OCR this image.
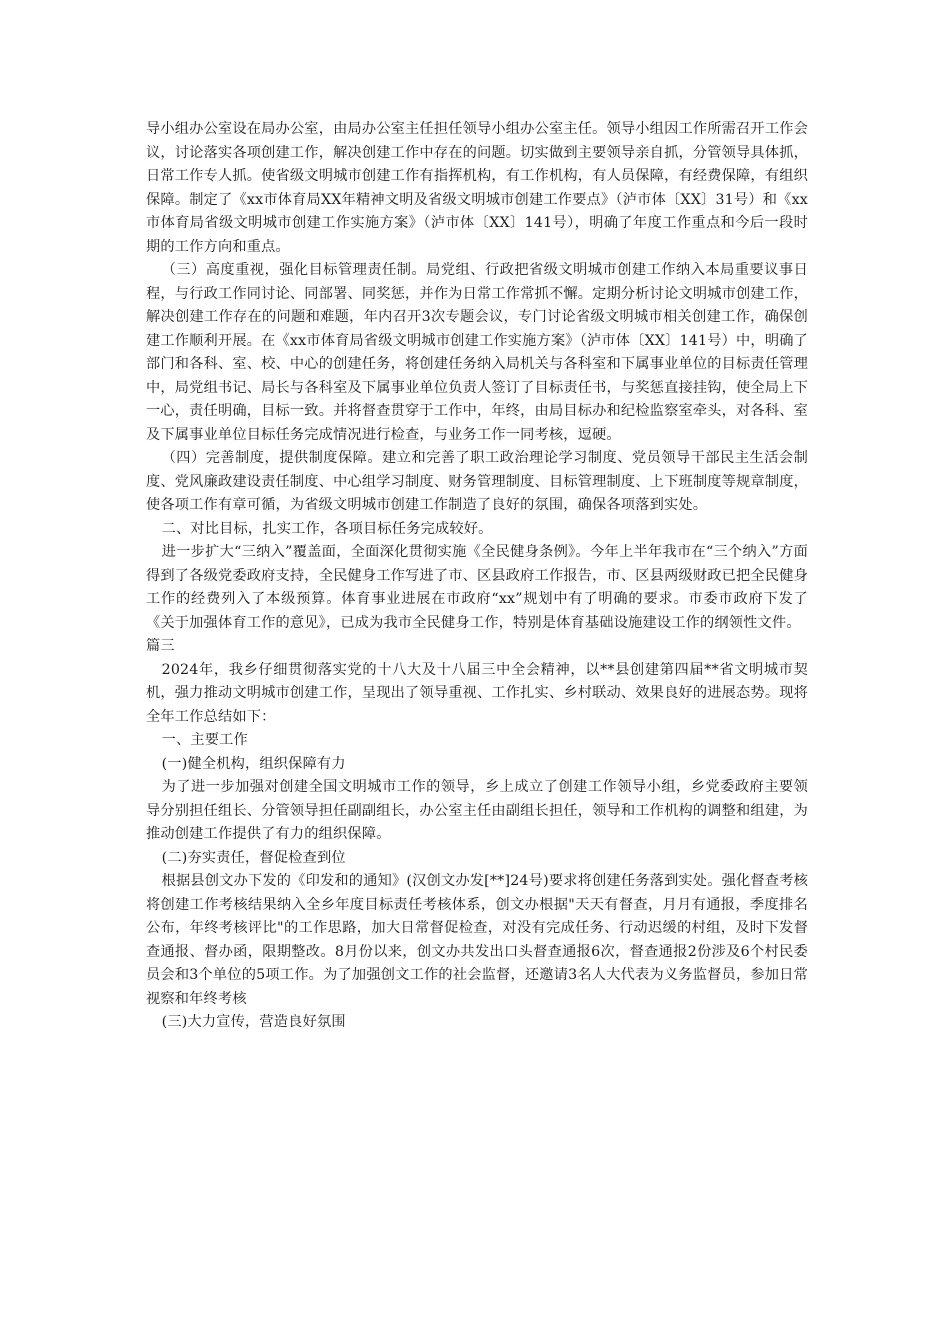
导小组办公室设在局办公室，由局办公室主任担任领导小组办公室主任。领导小组因工作所需召开工作会议，讨论落实各项创建工作，解决创建工作中存在的问题。切实做到主要领导亲自抓，分管领导具体抓，日常工作专人抓。使省级文明城市创建工作有指挥机构，有工作机构，有人员保障，有经费保障，有组织保障。制定了《xx市体育局XX年精神文明及省级文明城市创建工作要点》（泸市体〔XX〕31号）和《xx市体育局省级文明城市创建工作实施方案》（泸市体〔XX〕141号），明确了年度工作重点和今后一段时期的工作方向和重点。

（三）高度重视，强化目标管理责任制。局党组、行政把省级文明城市创建工作纳入本局重要议事日程，与行政工作同讨论、同部署、同奖惩，并作为日常工作常抓不懈。定期分析讨论文明城市创建工作，解决创建工作存在的问题和难题，年内召开3次专题会议，专门讨论省级文明城市相关创建工作，确保创建工作顺利开展。在《xx市体育局省级文明城市创建工作实施方案》（泸市体〔XX〕141号）中，明确了部门和各科、室、校、中心的创建任务，将创建任务纳入局机关与各科室和下属事业单位的目标责任管理中，局党组书记、局长与各科室及下属事业单位负责人签订了目标责任书，与奖惩直接挂钩，使全局上下一心，责任明确，目标一致。并将督查贯穿于工作中，年终，由局目标办和纪检监察室牵头，对各科、室及下属事业单位目标任务完成情况进行检查，与业务工作一同考核，逗硬。

（四）完善制度，提供制度保障。建立和完善了职工政治理论学习制度、党员领导干部民主生活会制度、党风廉政建设责任制度、中心组学习制度、财务管理制度、目标管理制度、上下班制度等规章制度，使各项工作有章可循，为省级文明城市创建工作制造了良好的氛围，确保各项落到实处。

二、对比目标，扎实工作，各项目标任务完成较好。

进一步扩大“三纳入”覆盖面，全面深化贯彻实施《全民健身条例》。今年上半年我市在“三个纳入”方面得到了各级党委政府支持，全民健身工作写进了市、区县政府工作报告，市、区县两级财政已把全民健身工作的经费列入了本级预算。体育事业进展在市政府“xx”规划中有了明确的要求。市委市政府下发了《关于加强体育工作的意见》，已成为我市全民健身工作，特别是体育基础设施建设工作的纲领性文件。

篇三

2024年，我乡仔细贯彻落实党的十八大及十八届三中全会精神，以**县创建第四届**省文明城市契机，强力推动文明城市创建工作，呈现出了领导重视、工作扎实、乡村联动、效果良好的进展态势。现将全年工作总结如下：

一、主要工作

(一)健全机构，组织保障有力

为了进一步加强对创建全国文明城市工作的领导，乡上成立了创建工作领导小组，乡党委政府主要领导分别担任组长、分管领导担任副副组长，办公室主任由副组长担任，领导和工作机构的调整和组建，为推动创建工作提供了有力的组织保障。

(二)夯实责任，督促检查到位

根据县创文办下发的《印发和的通知》(汉创文办发[**]24号)要求将创建任务落到实处。强化督查考核将创建工作考核结果纳入全乡年度目标责任考核体系，创文办根据"天天有督查，月月有通报，季度排名公布，年终考核评比"的工作思路，加大日常督促检查，对没有完成任务、行动迟缓的村组，及时下发督查通报、督办函，限期整改。8月份以来，创文办共发出口头督查通报6次，督查通报2份涉及6个村民委员会和3个单位的5项工作。为了加强创文工作的社会监督，还邀请3名人大代表为义务监督员，参加日常视察和年终考核

(三)大力宣传，营造良好氛围
